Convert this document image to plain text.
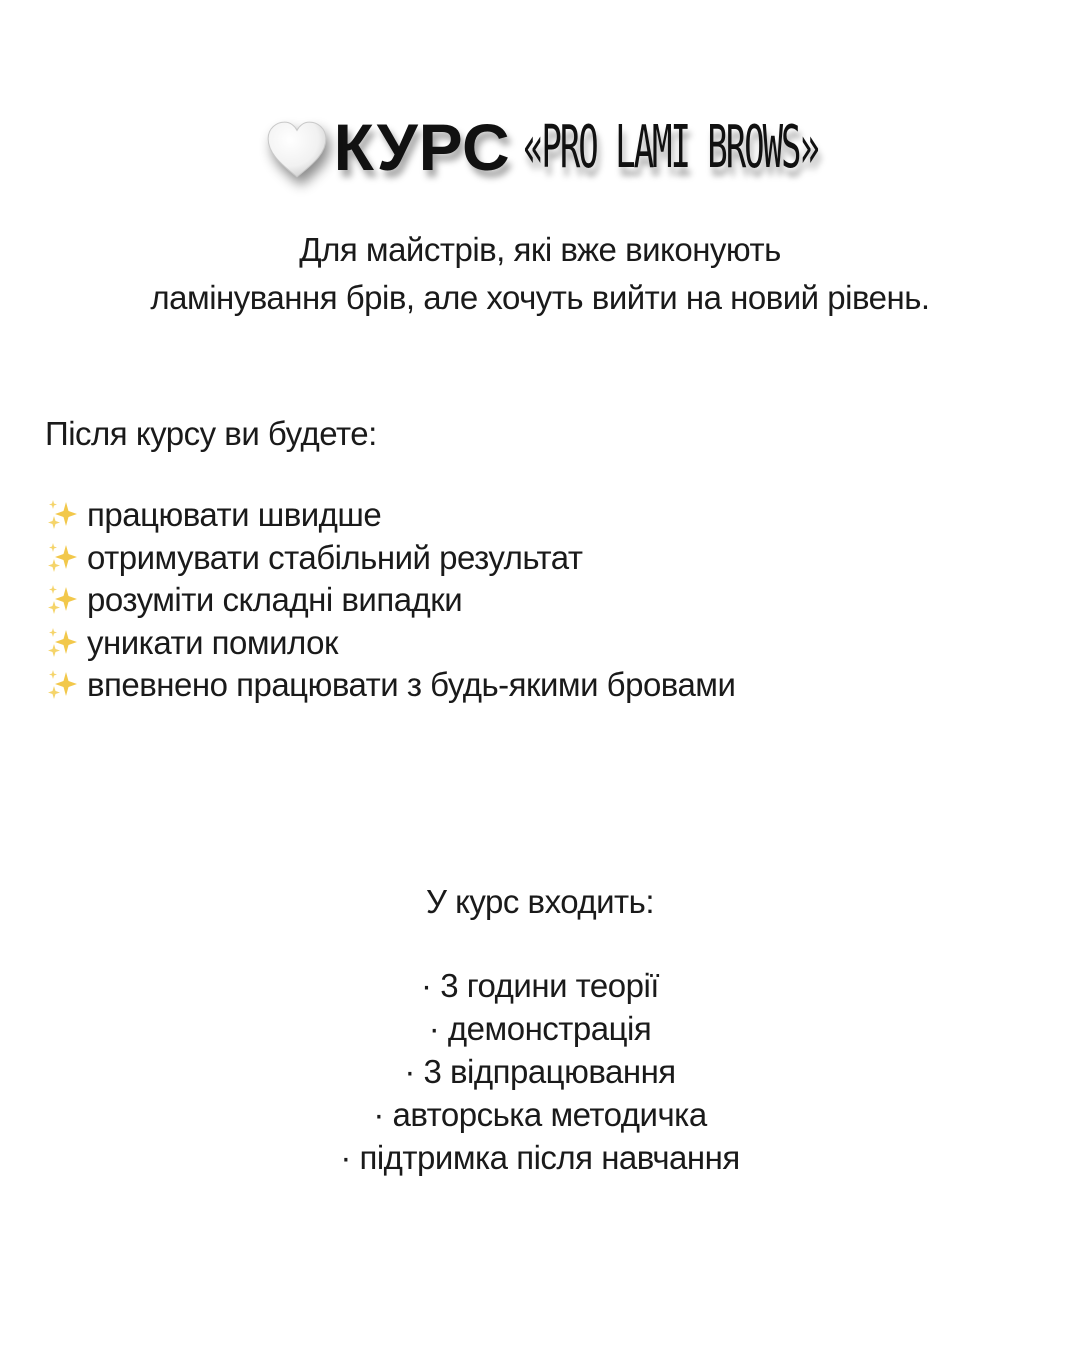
КУРС «PRO LAMI BROWS»
Для майстрів, які вже виконують
ламінування брів, але хочуть вийти на новий рівень.
Після курсу ви будете:
працювати швидше
отримувати стабільний результат
розуміти складні випадки
уникати помилок
впевнено працювати з будь-якими бровами
У курс входить:
· 3 години теорії
· демонстрація
· 3 відпрацювання
· авторська методичка
· підтримка після навчання
